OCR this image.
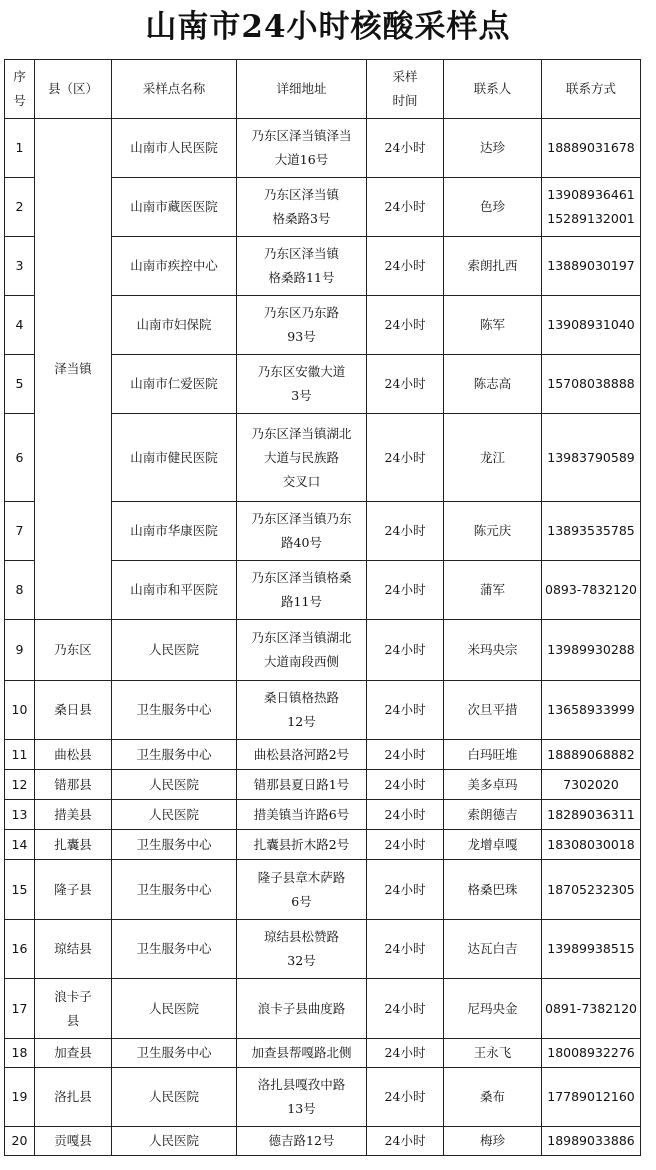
山南市24小时核酸采样点
序
号	县（区）	采样点名称	详细地址	采样
时间	联系人	联系方式
1	泽当镇	山南市人民医院	乃东区泽当镇泽当
大道16号	24小时	达珍	18889031678
2		山南市藏医医院	乃东区泽当镇
格桑路3号	24小时	色珍	13908936461
15289132001
3		山南市疾控中心	乃东区泽当镇
格桑路11号	24小时	索朗扎西	13889030197
4		山南市妇保院	乃东区乃东路
93号	24小时	陈军	13908931040
5		山南市仁爱医院	乃东区安徽大道
3号	24小时	陈志高	15708038888
6		山南市健民医院	乃东区泽当镇湖北
大道与民族路
交叉口	24小时	龙江	13983790589
7		山南市华康医院	乃东区泽当镇乃东
路40号	24小时	陈元庆	13893535785
8		山南市和平医院	乃东区泽当镇格桑
路11号	24小时	蒲军	0893-7832120
9	乃东区	人民医院	乃东区泽当镇湖北
大道南段西侧	24小时	米玛央宗	13989930288
10	桑日县	卫生服务中心	桑日镇格热路
12号	24小时	次旦平措	13658933999
11	曲松县	卫生服务中心	曲松县洛河路2号	24小时	白玛旺堆	18889068882
12	错那县	人民医院	错那县夏日路1号	24小时	美多卓玛	7302020
13	措美县	人民医院	措美镇当许路6号	24小时	索朗德吉	18289036311
14	扎囊县	卫生服务中心	扎囊县折木路2号	24小时	龙增卓嘎	18308030018
15	隆子县	卫生服务中心	隆子县章木萨路
6号	24小时	格桑巴珠	18705232305
16	琼结县	卫生服务中心	琼结县松赞路
32号	24小时	达瓦白吉	13989938515
17	浪卡子
县	人民医院	浪卡子县曲度路	24小时	尼玛央金	0891-7382120
18	加查县	卫生服务中心	加查县帮嘎路北侧	24小时	王永飞	18008932276
19	洛扎县	人民医院	洛扎县嘎孜中路
13号	24小时	桑布	17789012160
20	贡嘎县	人民医院	德吉路12号	24小时	梅珍	18989033886
